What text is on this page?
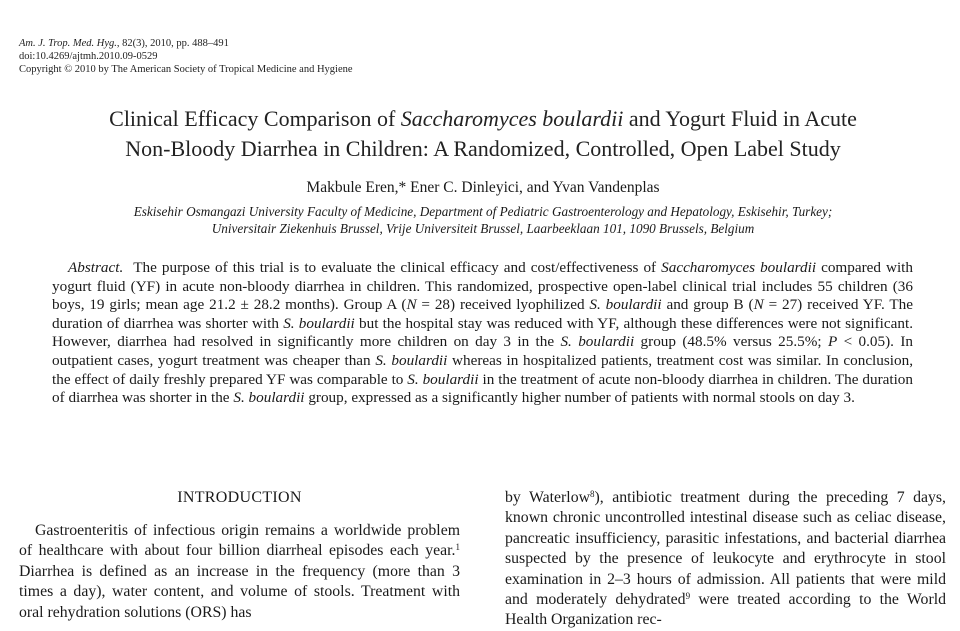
Am. J. Trop. Med. Hyg., 82(3), 2010, pp. 488–491
doi:10.4269/ajtmh.2010.09-0529
Copyright © 2010 by The American Society of Tropical Medicine and Hygiene
Clinical Efficacy Comparison of Saccharomyces boulardii and Yogurt Fluid in Acute
Non-Bloody Diarrhea in Children: A Randomized, Controlled, Open Label Study
Makbule Eren,* Ener C. Dinleyici, and Yvan Vandenplas
Eskisehir Osmangazi University Faculty of Medicine, Department of Pediatric Gastroenterology and Hepatology, Eskisehir, Turkey;
Universitair Ziekenhuis Brussel, Vrije Universiteit Brussel, Laarbeeklaan 101, 1090 Brussels, Belgium
Abstract. The purpose of this trial is to evaluate the clinical efficacy and cost/effectiveness of Saccharomyces boulardii compared with yogurt fluid (YF) in acute non-bloody diarrhea in children. This randomized, prospective open-label clinical trial includes 55 children (36 boys, 19 girls; mean age 21.2 ± 28.2 months). Group A (N = 28) received lyophilized S. boulardii and group B (N = 27) received YF. The duration of diarrhea was shorter with S. boulardii but the hospital stay was reduced with YF, although these differences were not significant. However, diarrhea had resolved in significantly more children on day 3 in the S. boulardii group (48.5% versus 25.5%; P < 0.05). In outpatient cases, yogurt treatment was cheaper than S. boulardii whereas in hospitalized patients, treatment cost was similar. In conclusion, the effect of daily freshly prepared YF was comparable to S. boulardii in the treatment of acute non-bloody diarrhea in children. The duration of diarrhea was shorter in the S. boulardii group, expressed as a significantly higher number of patients with normal stools on day 3.
INTRODUCTION

Gastroenteritis of infectious origin remains a worldwide problem of healthcare with about four billion diarrheal episodes each year.$^1$ Diarrhea is defined as an increase in the frequency (more than 3 times a day), water content, and volume of stools. Treatment with oral rehydration solutions (ORS) has

by Waterlow$^8$), antibiotic treatment during the preceding 7 days, known chronic uncontrolled intestinal disease such as celiac disease, pancreatic insufficiency, parasitic infestations, and bacterial diarrhea suspected by the presence of leukocyte and erythrocyte in stool examination in 2–3 hours of admission. All patients that were mild and moderately dehydrated$^9$ were treated according to the World Health Organization rec-
